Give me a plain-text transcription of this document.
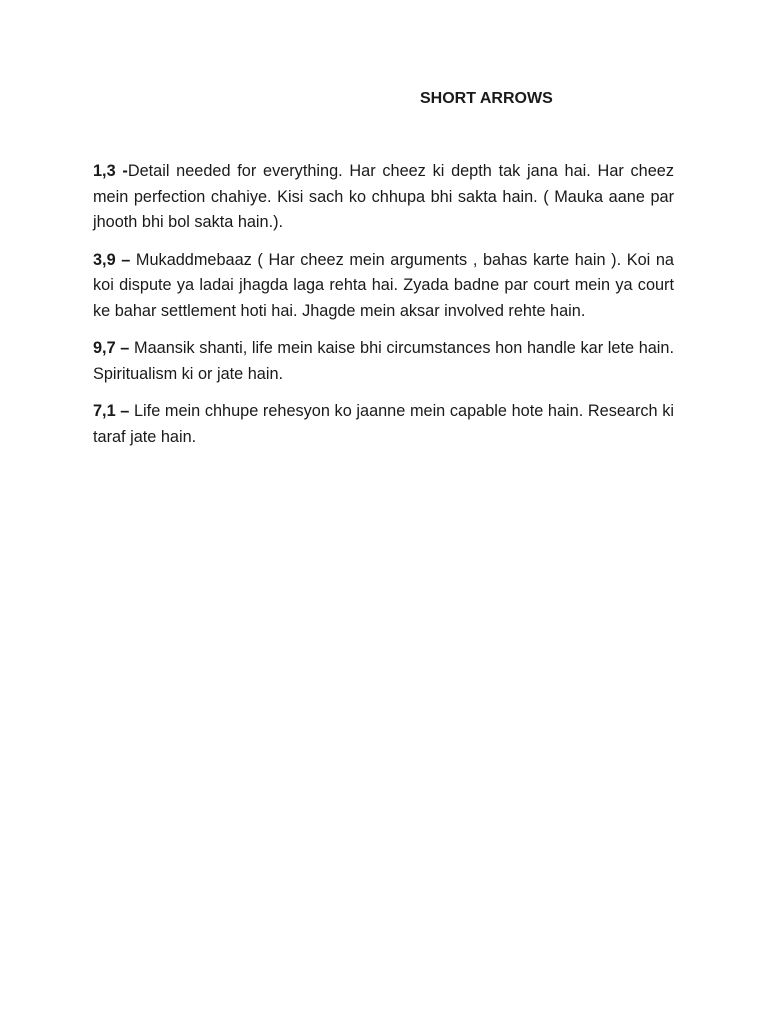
SHORT ARROWS

1,3 -Detail needed for everything. Har cheez ki depth tak jana hai. Har cheez mein perfection chahiye. Kisi sach ko chhupa bhi sakta hain. ( Mauka aane par jhooth bhi bol sakta hain.).

3,9 – Mukaddmebaaz ( Har cheez mein arguments , bahas karte hain ). Koi na koi dispute ya ladai jhagda laga rehta hai. Zyada badne par court mein ya court ke bahar settlement hoti hai. Jhagde mein aksar involved rehte hain.

9,7 – Maansik shanti, life mein kaise bhi circumstances hon handle kar lete hain. Spiritualism ki or jate hain.

7,1 – Life mein chhupe rehesyon ko jaanne mein capable hote hain. Research ki taraf jate hain.
